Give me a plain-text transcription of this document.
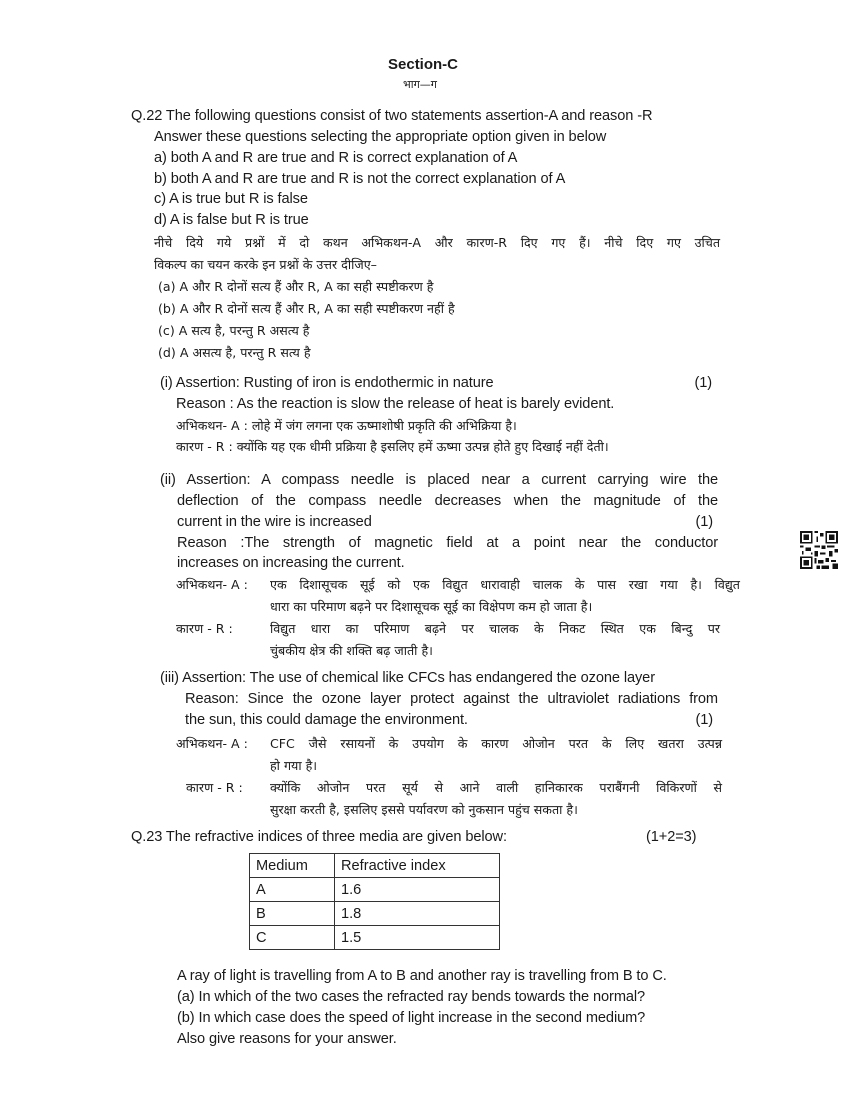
Section-C
भाग—ग
Q.22 The following questions consist of two statements assertion-A and reason -R
Answer these questions selecting the appropriate option given in below
a) both A and R are true and R is correct explanation of A
b) both A and R are true and R is not the correct explanation of A
c) A is true but R is false
d) A is false but R is true
नीचे दिये गये प्रश्नों में दो कथन अभिकथन-A और कारण-R दिए गए हैं। नीचे दिए गए उचित
विकल्प का चयन करके इन प्रश्नों के उत्तर दीजिए–
(a) A और R दोनों सत्य हैं और R, A का सही स्पष्टीकरण है
(b) A और R दोनों सत्य हैं और R, A का सही स्पष्टीकरण नहीं है
(c) A सत्य है, परन्तु R असत्य है
(d) A असत्य है, परन्तु R सत्य है
(i) Assertion: Rusting of iron is endothermic in nature	(1)
Reason : As the reaction is slow the release of heat is barely evident.
अभिकथन- A : लोहे में जंग लगना एक ऊष्माशोषी प्रकृति की अभिक्रिया है।
कारण - R : क्योंकि यह एक धीमी प्रक्रिया है इसलिए हमें ऊष्मा उत्पन्न होते हुए दिखाई नहीं देती।
(ii) Assertion: A compass needle is placed near a current carrying wire the
deflection of the compass needle decreases when the magnitude of the
current in the wire is increased	(1)
Reason :The strength of magnetic field at a point near the conductor
increases on increasing the current.
अभिकथन- A : एक दिशासूचक सूई को एक विद्युत धारावाही चालक के पास रखा गया है। विद्युत
धारा का परिमाण बढ़ने पर दिशासूचक सूई का विक्षेपण कम हो जाता है।
कारण - R :	विद्युत धारा का परिमाण बढ़ने पर चालक के निकट स्थित एक बिन्दु पर
चुंबकीय क्षेत्र की शक्ति बढ़ जाती है।
(iii) Assertion: The use of chemical like CFCs has endangered the ozone layer
Reason: Since the ozone layer protect against the ultraviolet radiations from
the sun, this could damage the environment.	(1)
अभिकथन- A : CFC जैसे रसायनों के उपयोग के कारण ओजोन परत के लिए खतरा उत्पन्न
हो गया है।
कारण - R : क्योंकि ओजोन परत सूर्य से आने वाली हानिकारक पराबैंगनी विकिरणों से
सुरक्षा करती है, इसलिए इससे पर्यावरण को नुकसान पहुंच सकता है।
Q.23 The refractive indices of three media are given below:	(1+2=3)
Medium	Refractive index
A	1.6
B	1.8
C	1.5
A ray of light is travelling from A to B and another ray is travelling from B to C.
(a) In which of the two cases the refracted ray bends towards the normal?
(b) In which case does the speed of light increase in the second medium?
Also give reasons for your answer.
